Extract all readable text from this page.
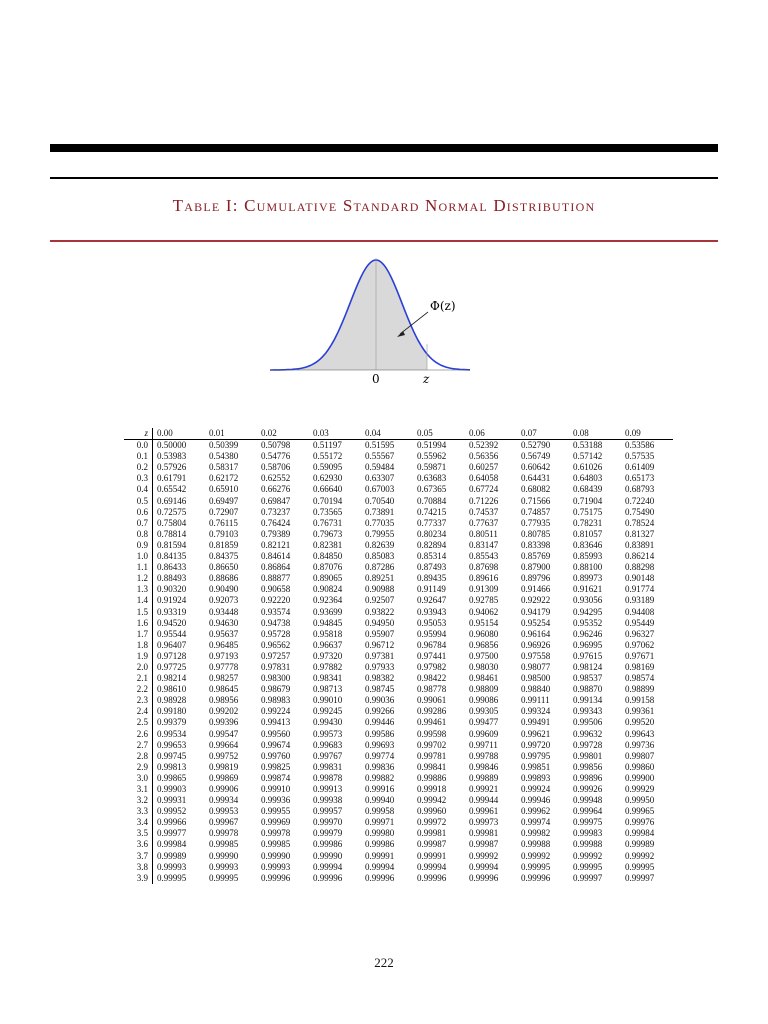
Table I: Cumulative Standard Normal Distribution
Φ(z)
0	z
z	0.00	0.01	0.02	0.03	0.04	0.05	0.06	0.07	0.08	0.09
0.0	0.50000	0.50399	0.50798	0.51197	0.51595	0.51994	0.52392	0.52790	0.53188	0.53586
0.1	0.53983	0.54380	0.54776	0.55172	0.55567	0.55962	0.56356	0.56749	0.57142	0.57535
0.2	0.57926	0.58317	0.58706	0.59095	0.59484	0.59871	0.60257	0.60642	0.61026	0.61409
0.3	0.61791	0.62172	0.62552	0.62930	0.63307	0.63683	0.64058	0.64431	0.64803	0.65173
0.4	0.65542	0.65910	0.66276	0.66640	0.67003	0.67365	0.67724	0.68082	0.68439	0.68793
0.5	0.69146	0.69497	0.69847	0.70194	0.70540	0.70884	0.71226	0.71566	0.71904	0.72240
0.6	0.72575	0.72907	0.73237	0.73565	0.73891	0.74215	0.74537	0.74857	0.75175	0.75490
0.7	0.75804	0.76115	0.76424	0.76731	0.77035	0.77337	0.77637	0.77935	0.78231	0.78524
0.8	0.78814	0.79103	0.79389	0.79673	0.79955	0.80234	0.80511	0.80785	0.81057	0.81327
0.9	0.81594	0.81859	0.82121	0.82381	0.82639	0.82894	0.83147	0.83398	0.83646	0.83891
1.0	0.84135	0.84375	0.84614	0.84850	0.85083	0.85314	0.85543	0.85769	0.85993	0.86214
1.1	0.86433	0.86650	0.86864	0.87076	0.87286	0.87493	0.87698	0.87900	0.88100	0.88298
1.2	0.88493	0.88686	0.88877	0.89065	0.89251	0.89435	0.89616	0.89796	0.89973	0.90148
1.3	0.90320	0.90490	0.90658	0.90824	0.90988	0.91149	0.91309	0.91466	0.91621	0.91774
1.4	0.91924	0.92073	0.92220	0.92364	0.92507	0.92647	0.92785	0.92922	0.93056	0.93189
1.5	0.93319	0.93448	0.93574	0.93699	0.93822	0.93943	0.94062	0.94179	0.94295	0.94408
1.6	0.94520	0.94630	0.94738	0.94845	0.94950	0.95053	0.95154	0.95254	0.95352	0.95449
1.7	0.95544	0.95637	0.95728	0.95818	0.95907	0.95994	0.96080	0.96164	0.96246	0.96327
1.8	0.96407	0.96485	0.96562	0.96637	0.96712	0.96784	0.96856	0.96926	0.96995	0.97062
1.9	0.97128	0.97193	0.97257	0.97320	0.97381	0.97441	0.97500	0.97558	0.97615	0.97671
2.0	0.97725	0.97778	0.97831	0.97882	0.97933	0.97982	0.98030	0.98077	0.98124	0.98169
2.1	0.98214	0.98257	0.98300	0.98341	0.98382	0.98422	0.98461	0.98500	0.98537	0.98574
2.2	0.98610	0.98645	0.98679	0.98713	0.98745	0.98778	0.98809	0.98840	0.98870	0.98899
2.3	0.98928	0.98956	0.98983	0.99010	0.99036	0.99061	0.99086	0.99111	0.99134	0.99158
2.4	0.99180	0.99202	0.99224	0.99245	0.99266	0.99286	0.99305	0.99324	0.99343	0.99361
2.5	0.99379	0.99396	0.99413	0.99430	0.99446	0.99461	0.99477	0.99491	0.99506	0.99520
2.6	0.99534	0.99547	0.99560	0.99573	0.99586	0.99598	0.99609	0.99621	0.99632	0.99643
2.7	0.99653	0.99664	0.99674	0.99683	0.99693	0.99702	0.99711	0.99720	0.99728	0.99736
2.8	0.99745	0.99752	0.99760	0.99767	0.99774	0.99781	0.99788	0.99795	0.99801	0.99807
2.9	0.99813	0.99819	0.99825	0.99831	0.99836	0.99841	0.99846	0.99851	0.99856	0.99860
3.0	0.99865	0.99869	0.99874	0.99878	0.99882	0.99886	0.99889	0.99893	0.99896	0.99900
3.1	0.99903	0.99906	0.99910	0.99913	0.99916	0.99918	0.99921	0.99924	0.99926	0.99929
3.2	0.99931	0.99934	0.99936	0.99938	0.99940	0.99942	0.99944	0.99946	0.99948	0.99950
3.3	0.99952	0.99953	0.99955	0.99957	0.99958	0.99960	0.99961	0.99962	0.99964	0.99965
3.4	0.99966	0.99967	0.99969	0.99970	0.99971	0.99972	0.99973	0.99974	0.99975	0.99976
3.5	0.99977	0.99978	0.99978	0.99979	0.99980	0.99981	0.99981	0.99982	0.99983	0.99984
3.6	0.99984	0.99985	0.99985	0.99986	0.99986	0.99987	0.99987	0.99988	0.99988	0.99989
3.7	0.99989	0.99990	0.99990	0.99990	0.99991	0.99991	0.99992	0.99992	0.99992	0.99992
3.8	0.99993	0.99993	0.99993	0.99994	0.99994	0.99994	0.99994	0.99995	0.99995	0.99995
3.9	0.99995	0.99995	0.99996	0.99996	0.99996	0.99996	0.99996	0.99996	0.99997	0.99997
222
